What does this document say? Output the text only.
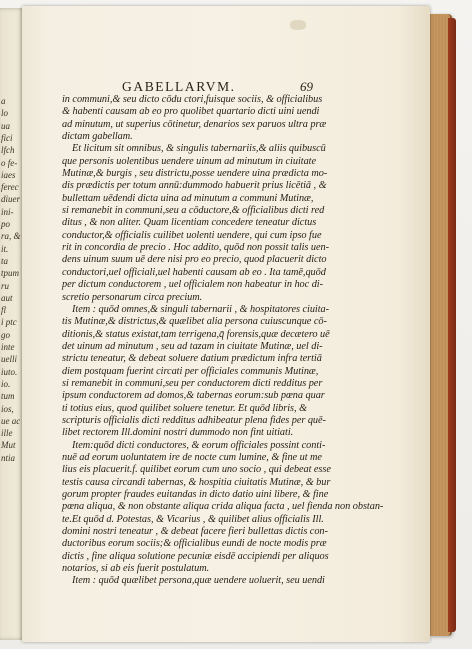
a
lo
ua
fici
lfch
o fe-
iaes
ferec
diuer
ini-
po
ra, &
it.
ta
tpum
ru
aut
fl
i ptc
go
inte
uelli
iuto.
io.
tum
ios,
ue ac
ille
Mut
ntia
GABELLARVM.	69
in communi,& seu dicto cōdu ctori,fuisque sociis, & officialibus
& habenti causam ab eo pro quolibet quartario dicti uini uendi
ad minutum, ut superius cōtinetur, denarios sex paruos ultra præ
dictam gabellam.
Et licitum sit omnibus, & singulis tabernariis,& aliis quibuscū
que personis uolentibus uendere uinum ad minutum in ciuitate
Mutinæ,& burgis , seu districtu,posse uendere uina prædicta mo-
dis prædictis per totum annū:dummodo habuerit prius licētiā , &
bullettam uēdendi dicta uina ad minutum a communi Mutinæ,
si remanebit in communi,seu a cōductore,& officialibus dicti red
ditus , & non aliter. Quam licentiam concedere teneatur dictus
conductor,& officialis cuilibet uolenti uendere, qui cum ipso fue
rit in concordia de precio . Hoc addito, quōd non possit talis uen-
dens uinum suum uē dere nisi pro eo precio, quod placuerit dicto
conductori,uel officiali,uel habenti causam ab eo . Ita tamē,quōd
per dictum conductorem , uel officialem non habeatur in hoc di-
scretio personarum circa precium.
Item : quōd omnes,& singuli tabernarii , & hospitatores ciuita-
tis Mutinæ,& districtus,& quælibet alia persona cuiuscunque cō-
ditionis,& status existat,tam terrigena,q̄ forensis,quæ decætero uē
det uinum ad minutum , seu ad tazam in ciuitate Mutinæ, uel di-
strictu teneatur, & debeat soluere datium prædictum infra tertiā
diem postquam fuerint circati per officiales communis Mutinæ,
si remanebit in communi,seu per conductorem dicti redditus per
ipsum conductorem ad domos,& tabernas eorum:sub pœna quar
ti totius eius, quod quilibet soluere tenetur. Et quōd libris, &
scripturis officialis dicti redditus adhibeatur plena fides per quē-
libet rectorem Ill.domini nostri dummodo non fint uitiati.
Item:quōd dicti conductores, & eorum officiales possint conti-
nuē ad eorum uoluntatem ire de nocte cum lumine, & fine ut me
lius eis placuerit.f. quilibet eorum cum uno socio , qui debeat esse
testis causa circandi tabernas, & hospitia ciuitatis Mutinæ, & bur
gorum propter fraudes euitandas in dicto datio uini libere, & fine
pœna aliqua, & non obstante aliqua crida aliqua facta , uel fienda non obstan-
te.Et quōd d. Potestas, & Vicarius , & quilibet alius officialis Ill.
domini nostri teneatur , & debeat facere fieri bullettas dictis con-
ductoribus eorum sociis;& officialibus eundi de nocte modis præ
dictis , fine aliqua solutione pecuniæ eisdē accipiendi per aliquos
notarios, si ab eis fuerit postulatum.
Item : quōd quælibet persona,quæ uendere uoluerit, seu uendi
